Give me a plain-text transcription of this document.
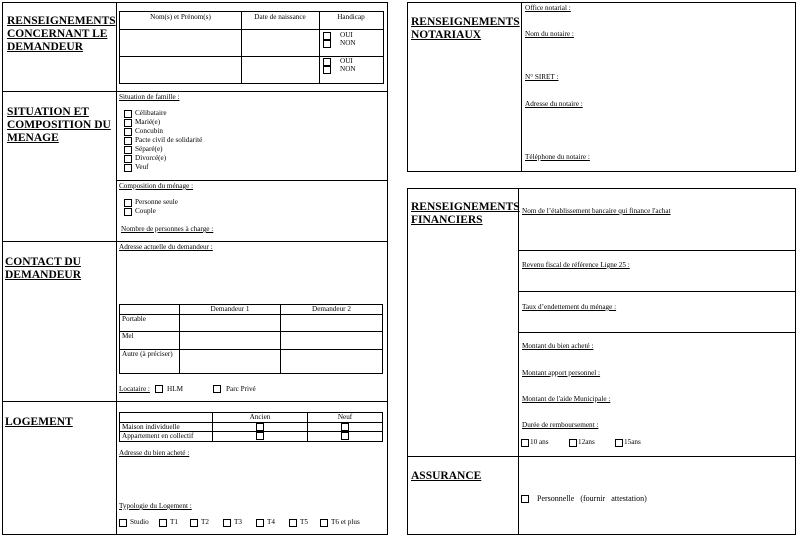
RENSEIGNEMENTS
CONCERNANT LE
DEMANDEUR
SITUATION ET
COMPOSITION DU
MENAGE
CONTACT DU
DEMANDEUR
LOGEMENT
Nom(s) et Prénom(s)	Date de naissance	Handicap
OUI
NON
OUI
NON
Situation de famille :
Célibataire
Marié(e)
Concubin
Pacte civil de solidarité
Séparé(e)
Divorcé(e)
Veuf
Composition du ménage :
Personne seule
Couple
Nombre de personnes à charge :
Adresse actuelle du demandeur :
	Demandeur 1	Demandeur 2
Portable		
Mel		
Autre (à préciser)		
Locataire : HLM	Parc Privé
	Ancien	Neuf
Maison individuelle		
Appartement en collectif		
Adresse du bien acheté :
Typologie du Logement :
Studio	T1	T2	T3	T4	T5	T6 et plus
RENSEIGNEMENTS
NOTARIAUX
Office notarial :
Nom du notaire :
N° SIRET :
Adresse du notaire :
Téléphone du notaire :
RENSEIGNEMENTS
FINANCIERS
Nom de l’établissement bancaire qui finance l'achat
Revenu fiscal de référence Ligne 25 :
Taux d’endettement du ménage :
Montant du bien acheté :
Montant apport personnel :
Montant de l'aide Municipale :
Durée de remboursement :
10 ans	12ans	15ans
ASSURANCE
Personnelle   (fournir   attestation)
